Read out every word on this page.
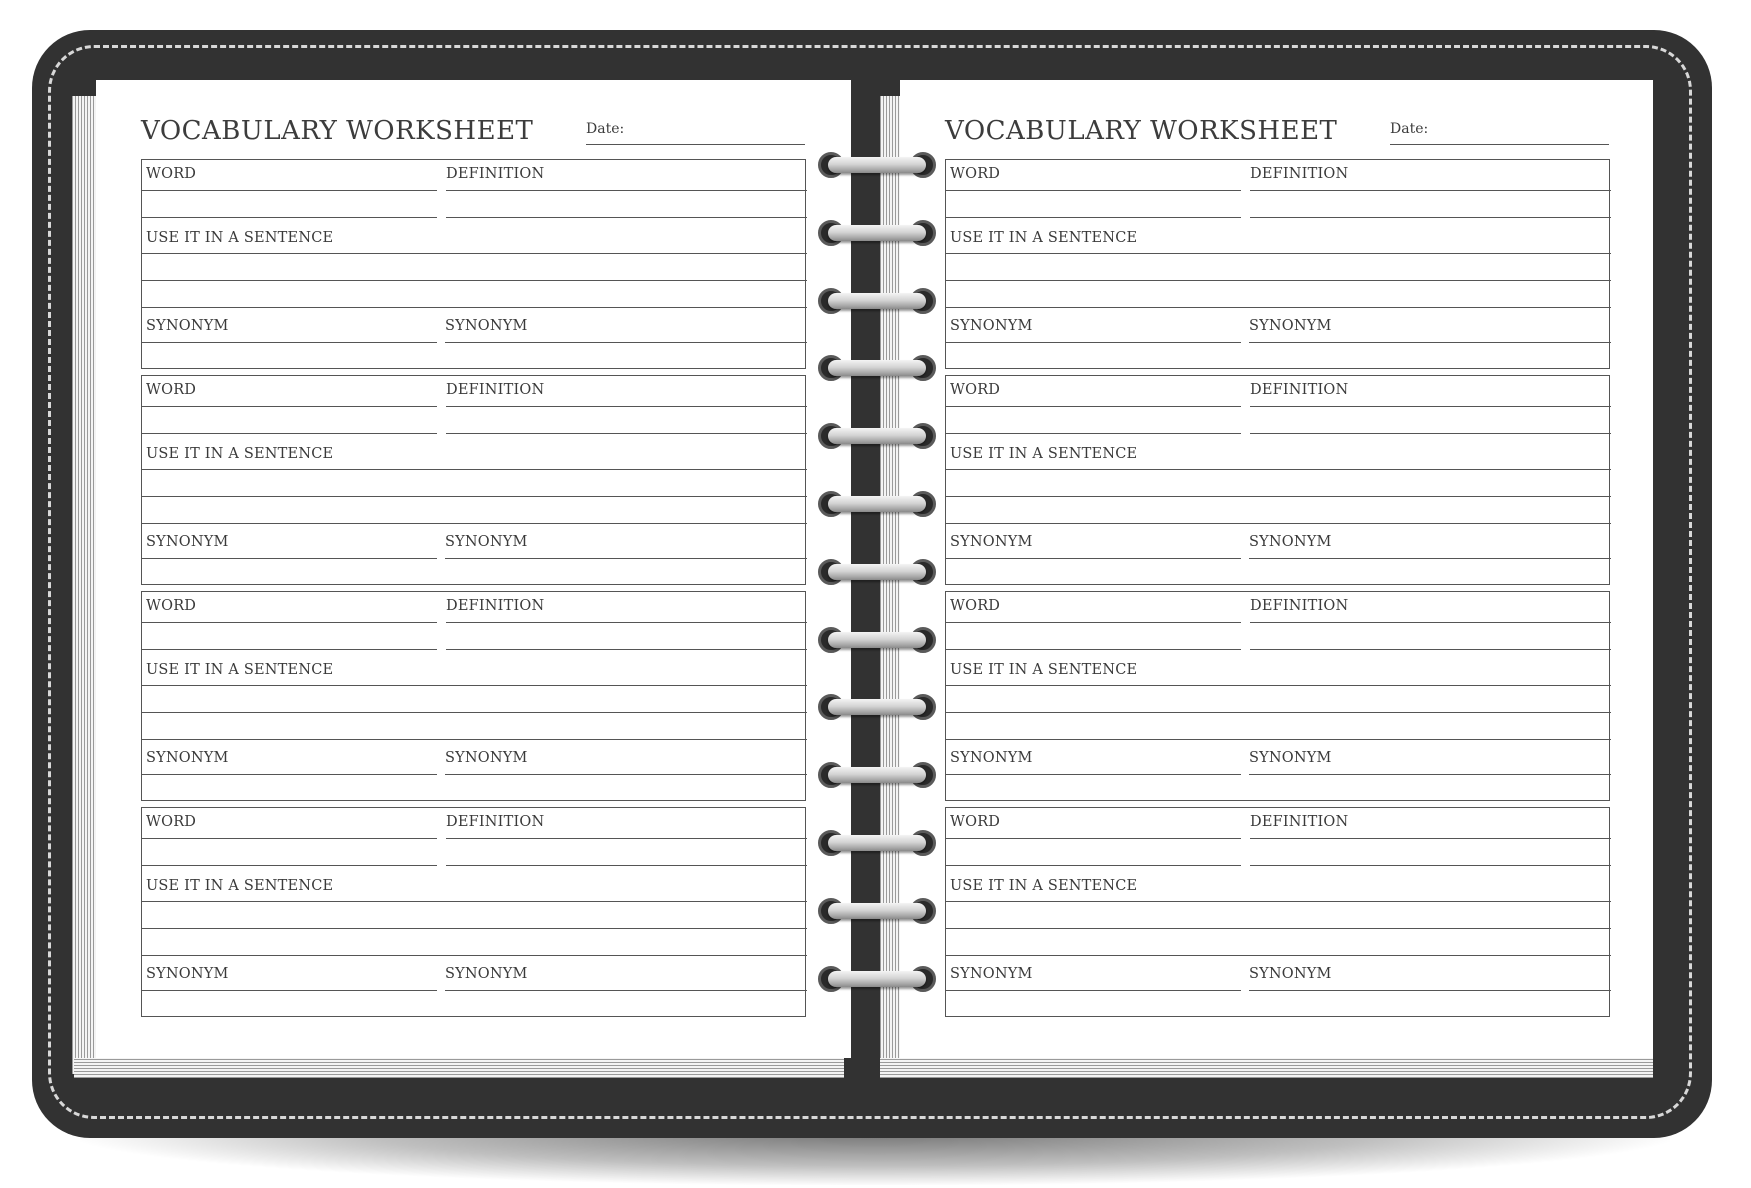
VOCABULARY WORKSHEET	Date:
WORD	DEFINITION
USE IT IN A SENTENCE
SYNONYM	SYNONYM
WORD	DEFINITION
USE IT IN A SENTENCE
SYNONYM	SYNONYM
WORD	DEFINITION
USE IT IN A SENTENCE
SYNONYM	SYNONYM
WORD	DEFINITION
USE IT IN A SENTENCE
SYNONYM	SYNONYM
VOCABULARY WORKSHEET	Date:
WORD	DEFINITION
USE IT IN A SENTENCE
SYNONYM	SYNONYM
WORD	DEFINITION
USE IT IN A SENTENCE
SYNONYM	SYNONYM
WORD	DEFINITION
USE IT IN A SENTENCE
SYNONYM	SYNONYM
WORD	DEFINITION
USE IT IN A SENTENCE
SYNONYM	SYNONYM
